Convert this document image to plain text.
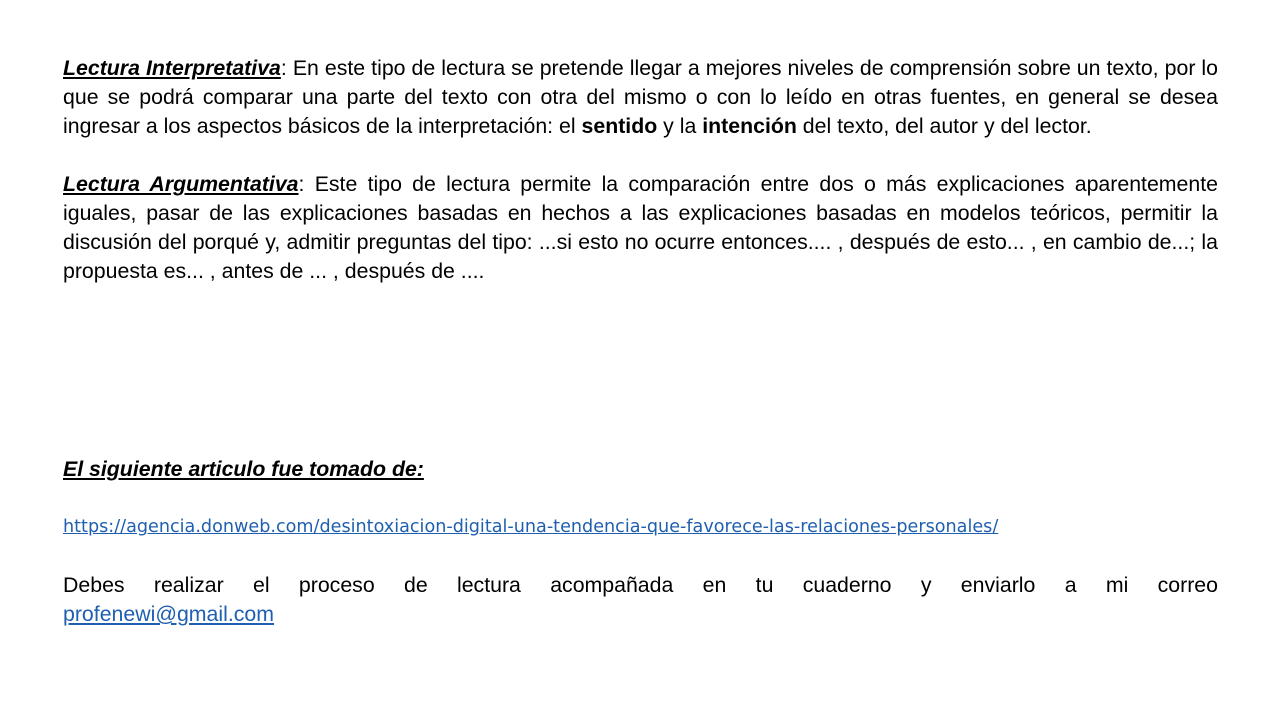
Lectura Interpretativa: En este tipo de lectura se pretende llegar a mejores niveles de comprensión sobre un texto, por lo que se podrá comparar una parte del texto con otra del mismo o con lo leído en otras fuentes, en general se desea ingresar a los aspectos básicos de la interpretación: el sentido y la intención del texto, del autor y del lector.

Lectura Argumentativa: Este tipo de lectura permite la comparación entre dos o más explicaciones aparentemente iguales, pasar de las explicaciones basadas en hechos a las explicaciones basadas en modelos teóricos, permitir la discusión del porqué y, admitir preguntas del tipo: ...si esto no ocurre entonces.... , después de esto... , en cambio de...; la propuesta es... , antes de ... , después de ....

El siguiente articulo fue tomado de:

https://agencia.donweb.com/desintoxiacion-digital-una-tendencia-que-favorece-las-relaciones-personales/

Debes realizar el proceso de lectura acompañada en tu cuaderno y enviarlo a mi correo
profenewi@gmail.com
